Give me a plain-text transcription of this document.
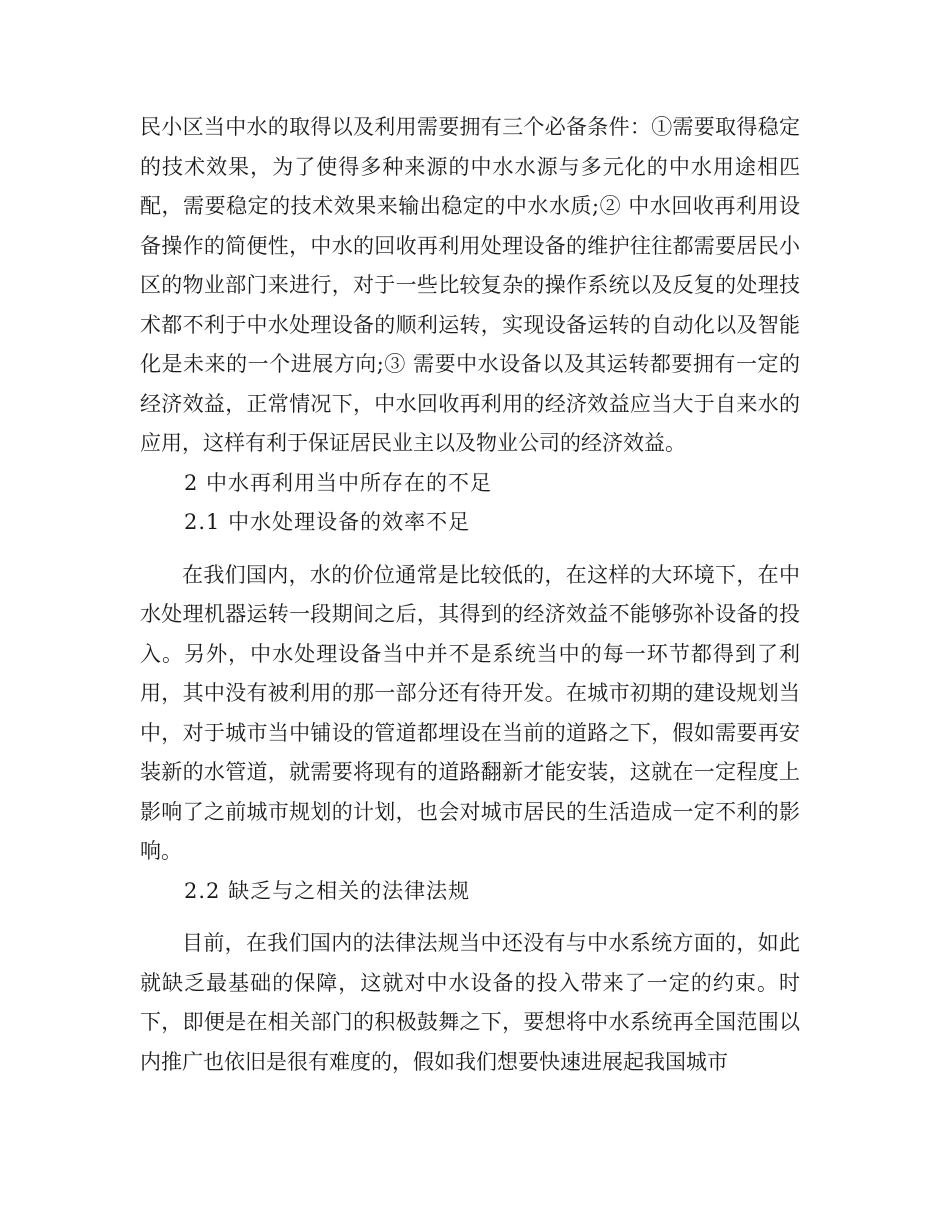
民小区当中水的取得以及利用需要拥有三个必备条件：①需要取得稳定的技术效果，为了使得多种来源的中水水源与多元化的中水用途相匹配，需要稳定的技术效果来输出稳定的中水水质;② 中水回收再利用设备操作的简便性，中水的回收再利用处理设备的维护往往都需要居民小区的物业部门来进行，对于一些比较复杂的操作系统以及反复的处理技术都不利于中水处理设备的顺利运转，实现设备运转的自动化以及智能化是未来的一个进展方向;③ 需要中水设备以及其运转都要拥有一定的经济效益，正常情况下，中水回收再利用的经济效益应当大于自来水的应用，这样有利于保证居民业主以及物业公司的经济效益。

2 中水再利用当中所存在的不足

2.1 中水处理设备的效率不足

在我们国内，水的价位通常是比较低的，在这样的大环境下，在中水处理机器运转一段期间之后，其得到的经济效益不能够弥补设备的投入。另外，中水处理设备当中并不是系统当中的每一环节都得到了利用，其中没有被利用的那一部分还有待开发。在城市初期的建设规划当中，对于城市当中铺设的管道都埋设在当前的道路之下，假如需要再安装新的水管道，就需要将现有的道路翻新才能安装，这就在一定程度上影响了之前城市规划的计划，也会对城市居民的生活造成一定不利的影响。

2.2 缺乏与之相关的法律法规

目前，在我们国内的法律法规当中还没有与中水系统方面的，如此就缺乏最基础的保障，这就对中水设备的投入带来了一定的约束。时下，即便是在相关部门的积极鼓舞之下，要想将中水系统再全国范围以内推广也依旧是很有难度的，假如我们想要快速进展起我国城市
